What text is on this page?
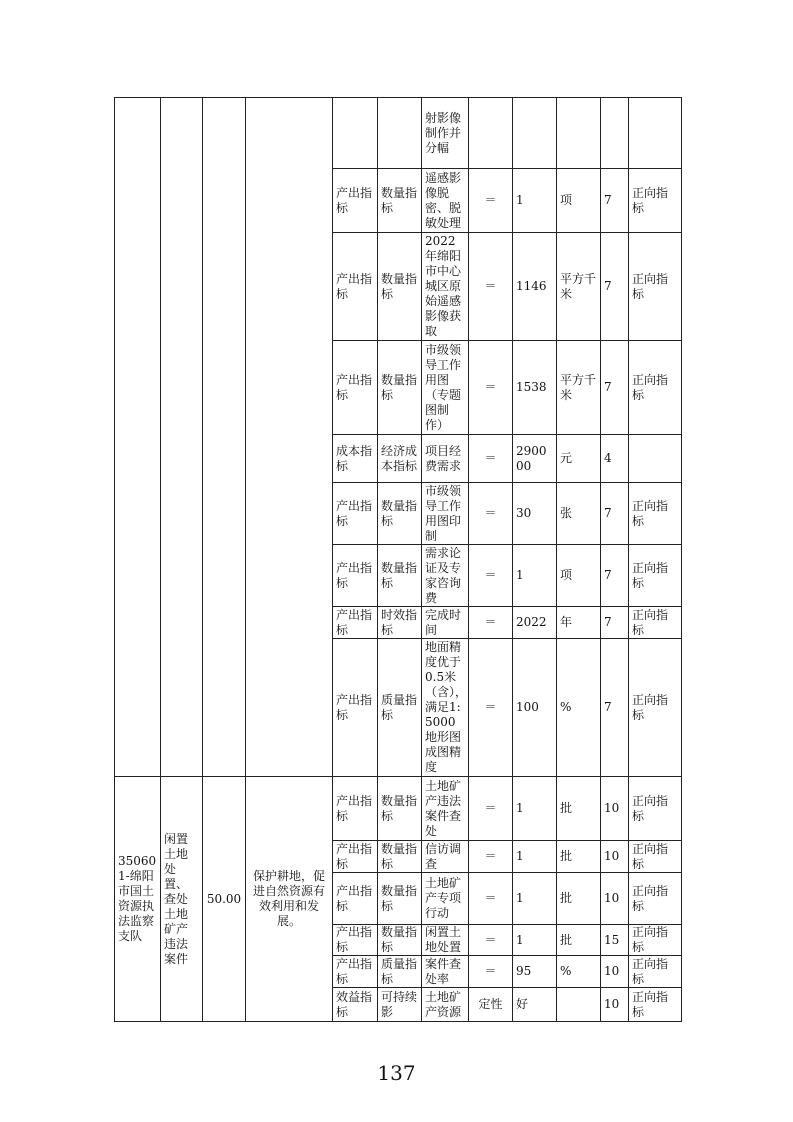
						射影像制作并分幅					
				产出指标	数量指标	遥感影像脱密、脱敏处理	＝	1	项	7	正向指标
				产出指标	数量指标	2022年绵阳市中心城区原始遥感影像获取	＝	1146	平方千米	7	正向指标
				产出指标	数量指标	市级领导工作用图（专题图制作）	＝	1538	平方千米	7	正向指标
				成本指标	经济成本指标	项目经费需求	＝	290000	元	4	
				产出指标	数量指标	市级领导工作用图印制	＝	30	张	7	正向指标
				产出指标	数量指标	需求论证及专家咨询费	＝	1	项	7	正向指标
				产出指标	时效指标	完成时间	＝	2022	年	7	正向指标
				产出指标	质量指标	地面精度优于0.5米（含），满足1:5000地形图成图精度	＝	100	%	7	正向指标
350601-绵阳市国土资源执法监察支队	闲置土地处置、查处土地矿产违法案件	50.00	保护耕地，促进自然资源有效利用和发展。	产出指标	数量指标	土地矿产违法案件查处	＝	1	批	10	正向指标
				产出指标	数量指标	信访调查	＝	1	批	10	正向指标
				产出指标	数量指标	土地矿产专项行动	＝	1	批	10	正向指标
				产出指标	数量指标	闲置土地处置	＝	1	批	15	正向指标
				产出指标	质量指标	案件查处率	＝	95	%	10	正向指标
				效益指标	可持续影	土地矿产资源	定性	好		10	正向指标
137
